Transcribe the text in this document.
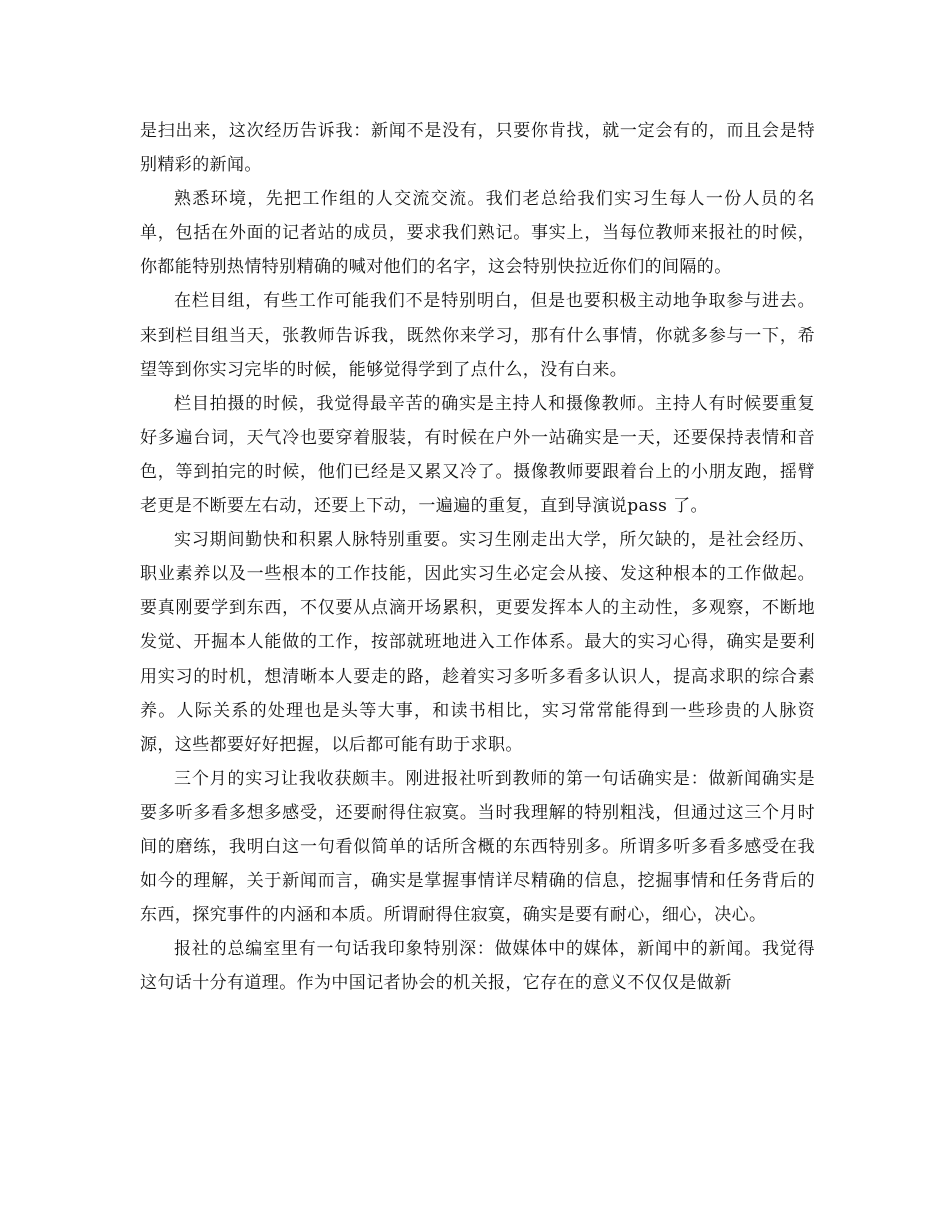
是扫出来，这次经历告诉我：新闻不是没有，只要你肯找，就一定会有的，而且会是特别精彩的新闻。

熟悉环境，先把工作组的人交流交流。我们老总给我们实习生每人一份人员的名单，包括在外面的记者站的成员，要求我们熟记。事实上，当每位教师来报社的时候，你都能特别热情特别精确的喊对他们的名字，这会特别快拉近你们的间隔的。

在栏目组，有些工作可能我们不是特别明白，但是也要积极主动地争取参与进去。来到栏目组当天，张教师告诉我，既然你来学习，那有什么事情，你就多参与一下，希望等到你实习完毕的时候，能够觉得学到了点什么，没有白来。

栏目拍摄的时候，我觉得最辛苦的确实是主持人和摄像教师。主持人有时候要重复好多遍台词，天气冷也要穿着服装，有时候在户外一站确实是一天，还要保持表情和音色，等到拍完的时候，他们已经是又累又冷了。摄像教师要跟着台上的小朋友跑，摇臂老更是不断要左右动，还要上下动，一遍遍的重复，直到导演说pass 了。

实习期间勤快和积累人脉特别重要。实习生刚走出大学，所欠缺的，是社会经历、职业素养以及一些根本的工作技能，因此实习生必定会从接、发这种根本的工作做起。要真刚要学到东西，不仅要从点滴开场累积，更要发挥本人的主动性，多观察，不断地发觉、开掘本人能做的工作，按部就班地进入工作体系。最大的实习心得，确实是要利用实习的时机，想清晰本人要走的路，趁着实习多听多看多认识人，提高求职的综合素养。人际关系的处理也是头等大事，和读书相比，实习常常能得到一些珍贵的人脉资源，这些都要好好把握，以后都可能有助于求职。

三个月的实习让我收获颇丰。刚进报社听到教师的第一句话确实是：做新闻确实是要多听多看多想多感受，还要耐得住寂寞。当时我理解的特别粗浅，但通过这三个月时间的磨练，我明白这一句看似简单的话所含概的东西特别多。所谓多听多看多感受在我如今的理解，关于新闻而言，确实是掌握事情详尽精确的信息，挖掘事情和任务背后的东西，探究事件的内涵和本质。所谓耐得住寂寞，确实是要有耐心，细心，决心。

报社的总编室里有一句话我印象特别深：做媒体中的媒体，新闻中的新闻。我觉得这句话十分有道理。作为中国记者协会的机关报，它存在的意义不仅仅是做新
